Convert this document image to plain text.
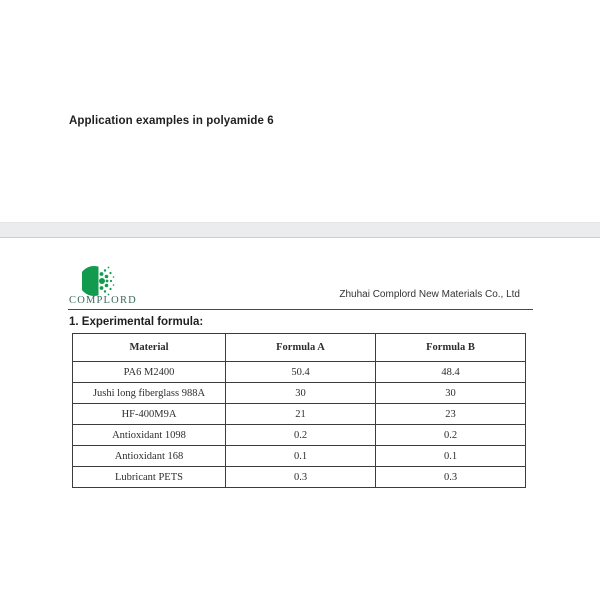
Application examples in polyamide 6
COMPLORD
Zhuhai Complord New Materials Co., Ltd
1. Experimental formula:
Material	Formula A	Formula B
PA6 M2400	50.4	48.4
Jushi long fiberglass 988A	30	30
HF-400M9A	21	23
Antioxidant 1098	0.2	0.2
Antioxidant 168	0.1	0.1
Lubricant PETS	0.3	0.3
